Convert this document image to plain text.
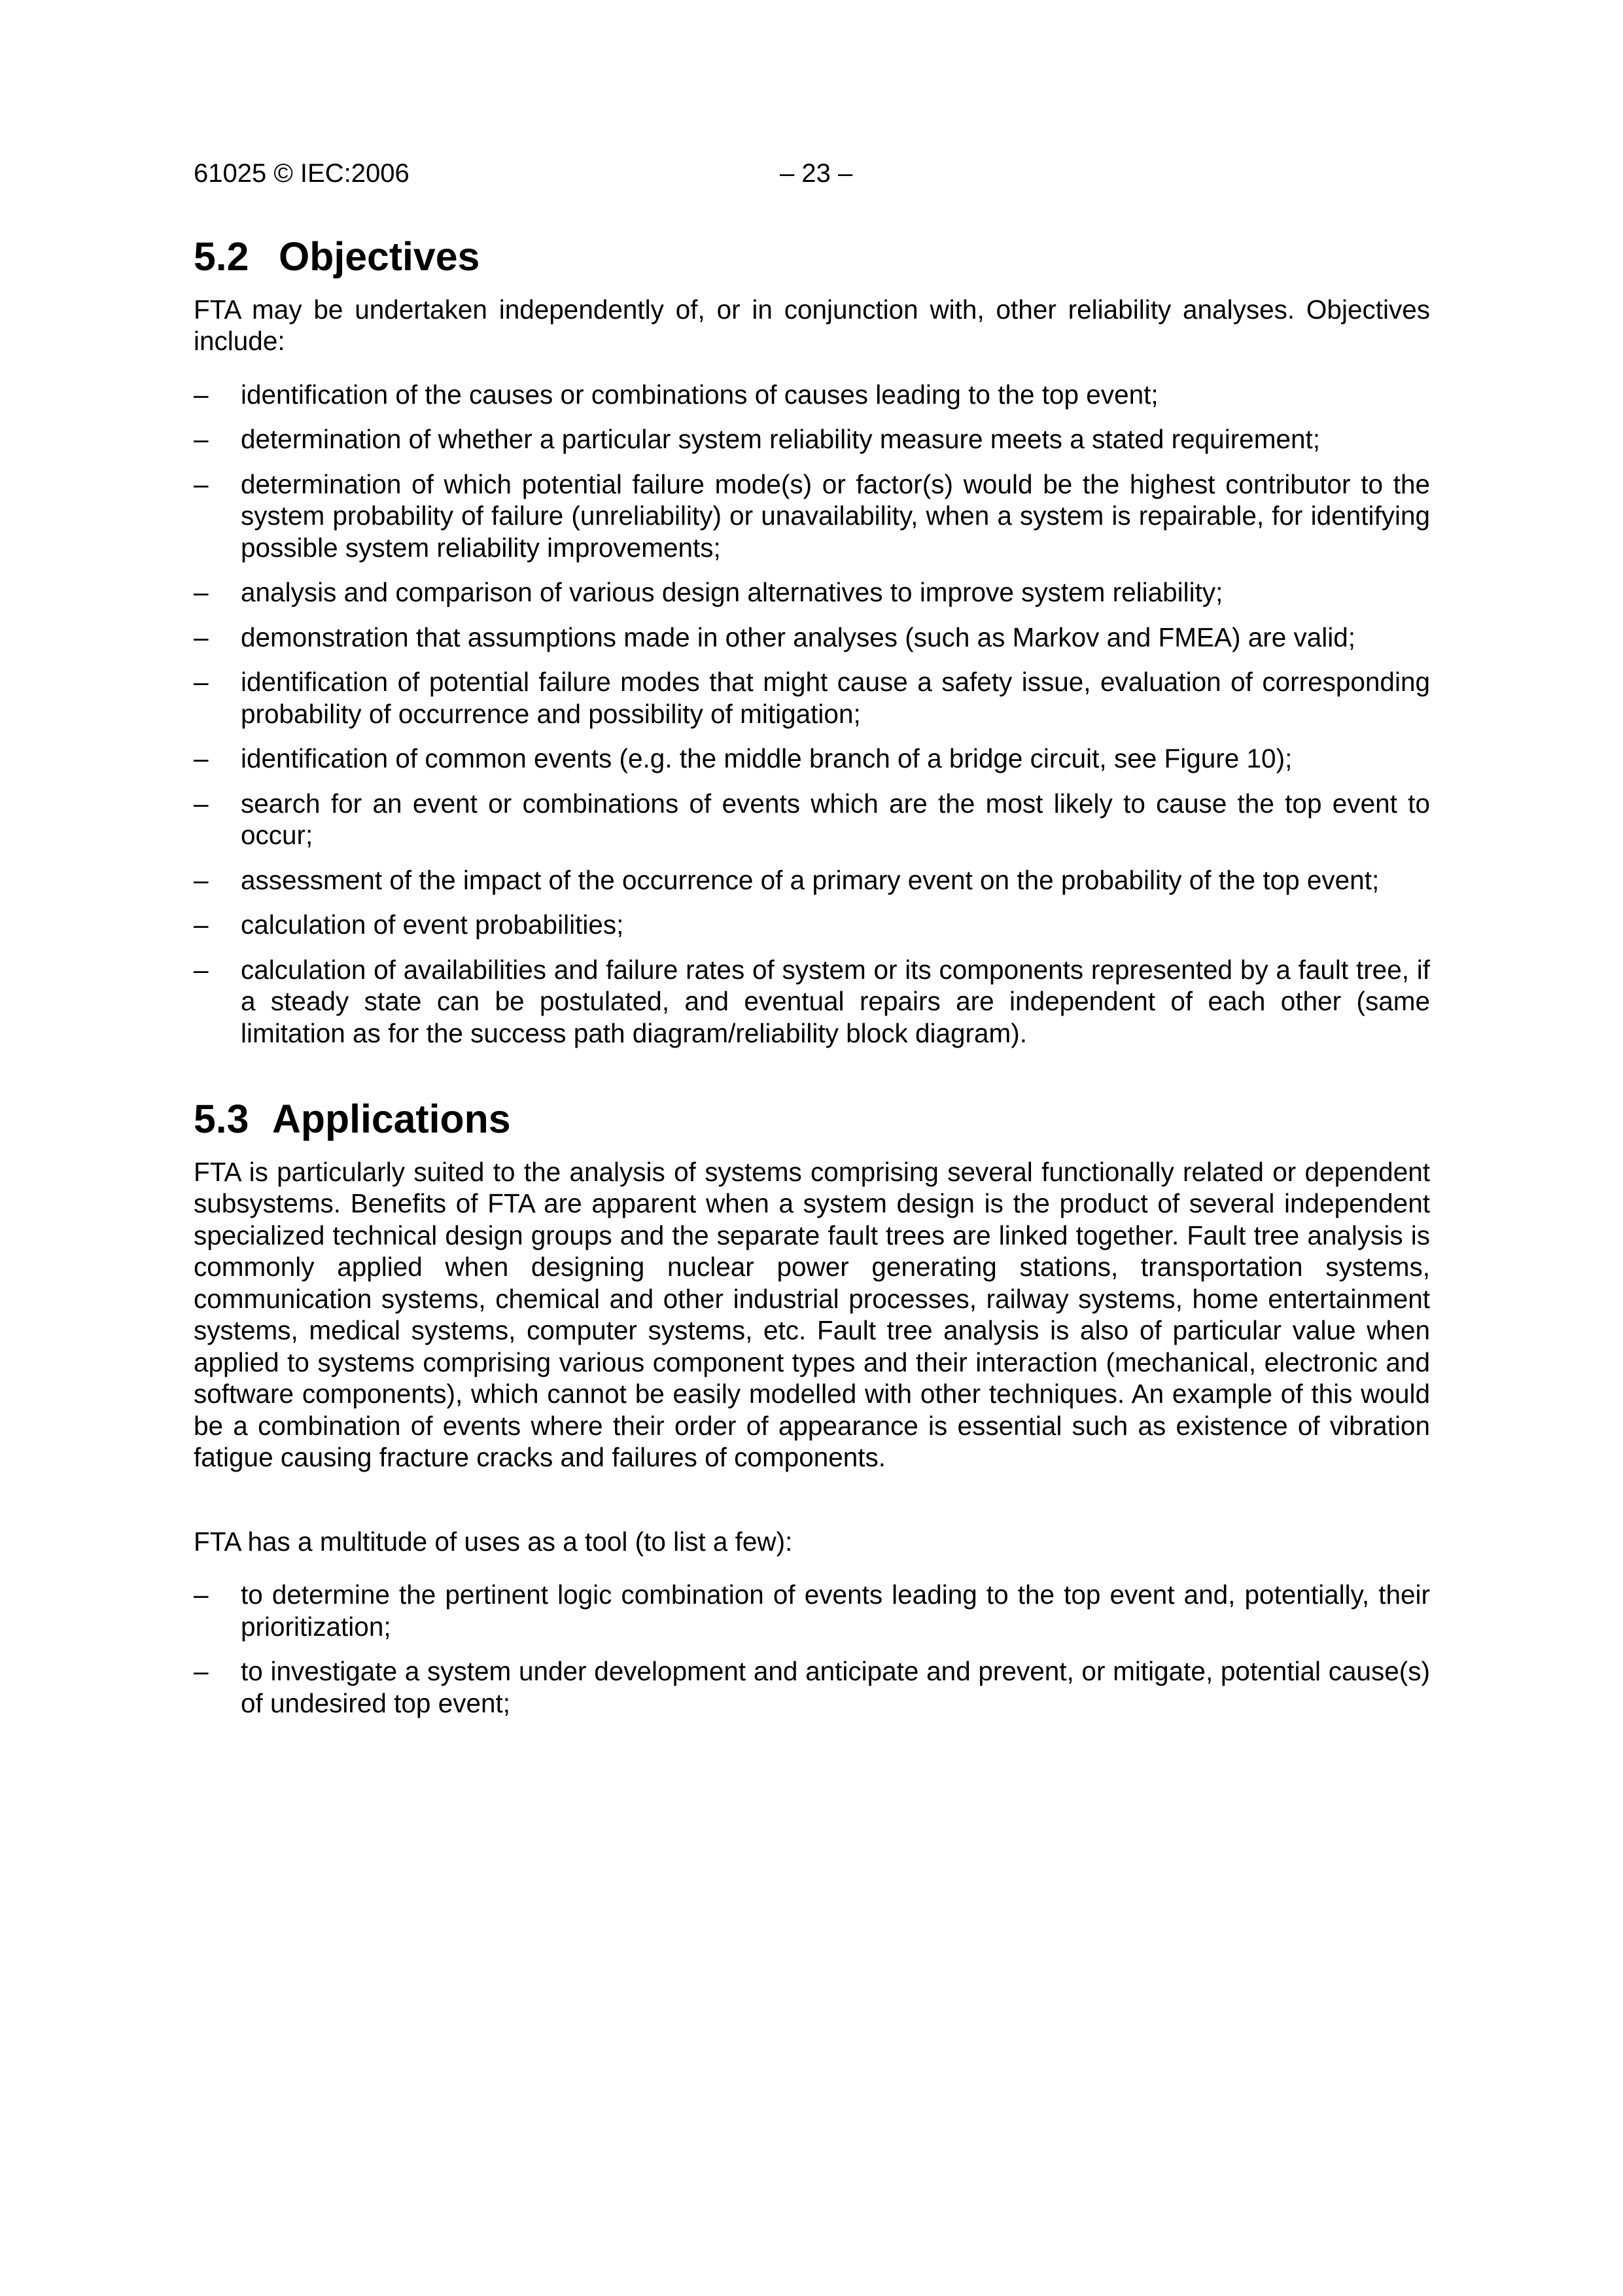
61025 © IEC:2006	– 23 –
5.2 Objectives

FTA may be undertaken independently of, or in conjunction with, other reliability analyses. Objectives include:

– identification of the causes or combinations of causes leading to the top event;
– determination of whether a particular system reliability measure meets a stated requirement;
– determination of which potential failure mode(s) or factor(s) would be the highest contributor to the system probability of failure (unreliability) or unavailability, when a system is repairable, for identifying possible system reliability improvements;
– analysis and comparison of various design alternatives to improve system reliability;
– demonstration that assumptions made in other analyses (such as Markov and FMEA) are valid;
– identification of potential failure modes that might cause a safety issue, evaluation of corresponding probability of occurrence and possibility of mitigation;
– identification of common events (e.g. the middle branch of a bridge circuit, see Figure 10);
– search for an event or combinations of events which are the most likely to cause the top event to occur;
– assessment of the impact of the occurrence of a primary event on the probability of the top event;
– calculation of event probabilities;
– calculation of availabilities and failure rates of system or its components represented by a fault tree, if a steady state can be postulated, and eventual repairs are independent of each other (same limitation as for the success path diagram/reliability block diagram).
5.3 Applications

FTA is particularly suited to the analysis of systems comprising several functionally related or dependent subsystems. Benefits of FTA are apparent when a system design is the product of several independent specialized technical design groups and the separate fault trees are linked together. Fault tree analysis is commonly applied when designing nuclear power generating stations, transportation systems, communication systems, chemical and other industrial processes, railway systems, home entertainment systems, medical systems, computer systems, etc. Fault tree analysis is also of particular value when applied to systems comprising various component types and their interaction (mechanical, electronic and software components), which cannot be easily modelled with other techniques. An example of this would be a combination of events where their order of appearance is essential such as existence of vibration fatigue causing fracture cracks and failures of components.

FTA has a multitude of uses as a tool (to list a few):

– to determine the pertinent logic combination of events leading to the top event and, potentially, their prioritization;
– to investigate a system under development and anticipate and prevent, or mitigate, potential cause(s) of undesired top event;
